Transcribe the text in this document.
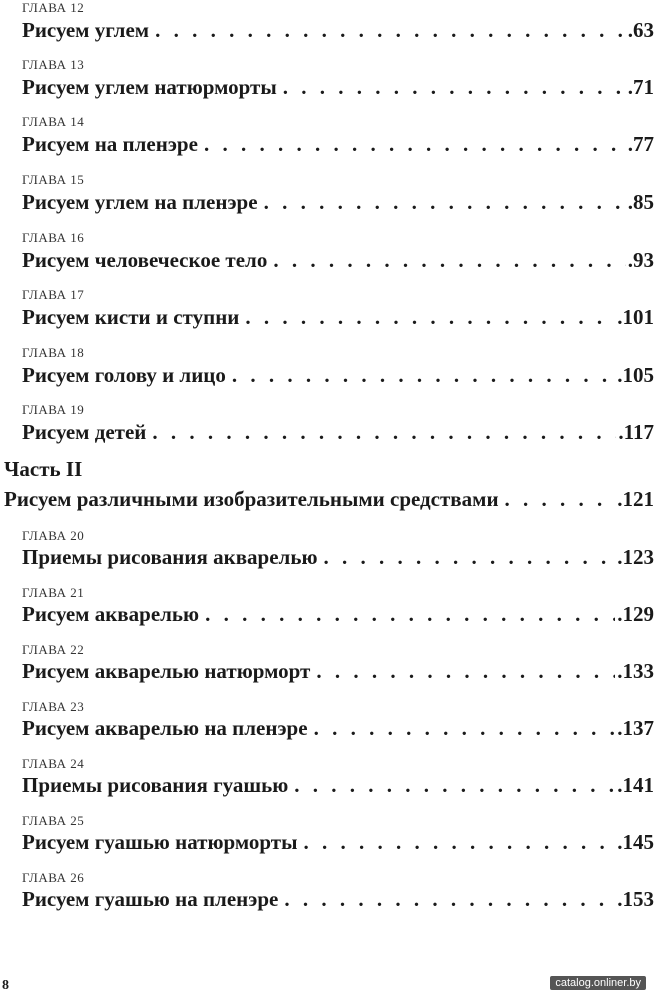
ГЛАВА 12
Рисуем углем . . .	.63
ГЛАВА 13
Рисуем углем натюрморты . . .	.71
ГЛАВА 14
Рисуем на пленэре . . .	.77
ГЛАВА 15
Рисуем углем на пленэре . . .	.85
ГЛАВА 16
Рисуем человеческое тело . . .	.93
ГЛАВА 17
Рисуем кисти и ступни . . .	.101
ГЛАВА 18
Рисуем голову и лицо . . .	.105
ГЛАВА 19
Рисуем детей . . .	.117
Часть II
Рисуем различными изобразительными средствами . . .	.121
ГЛАВА 20
Приемы рисования акварелью . . .	.123
ГЛАВА 21
Рисуем акварелью . . .	.129
ГЛАВА 22
Рисуем акварелью натюрморт . . .	.133
ГЛАВА 23
Рисуем акварелью на пленэре . . .	.137
ГЛАВА 24
Приемы рисования гуашью . . .	.141
ГЛАВА 25
Рисуем гуашью натюрморты . . .	.145
ГЛАВА 26
Рисуем гуашью на пленэре . . .	.153
8	catalog.onliner.by
